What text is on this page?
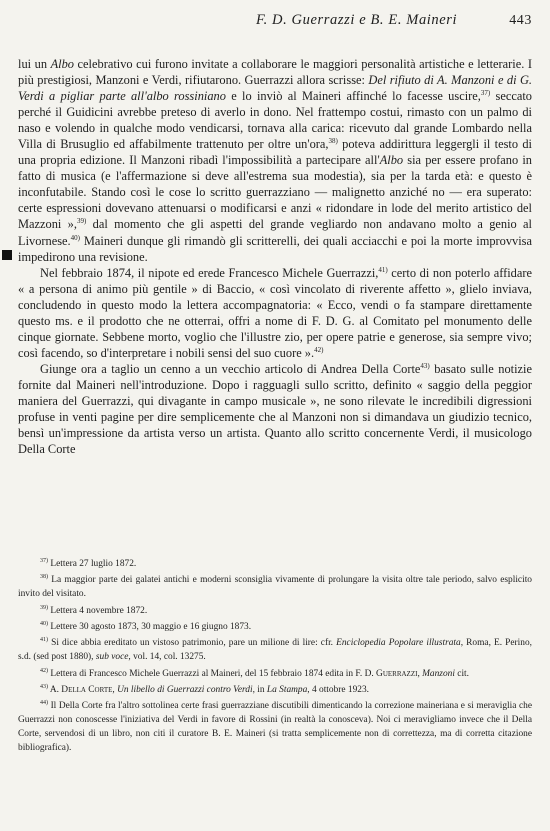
F. D. Guerrazzi e B. E. Maineri	443

lui un Albo celebrativo cui furono invitate a collaborare le maggiori personalità artistiche e letterarie. I più prestigiosi, Manzoni e Verdi, rifiutarono. Guerrazzi allora scrisse: Del rifiuto di A. Manzoni e di G. Verdi a pigliar parte all'albo rossiniano e lo inviò al Maineri affinché lo facesse uscire,$^{37)}$ seccato perché il Guidicini avrebbe preteso di averlo in dono. Nel frattempo costui, rimasto con un palmo di naso e volendo in qualche modo vendicarsi, tornava alla carica: ricevuto dal grande Lombardo nella Villa di Brusuglio ed affabilmente trattenuto per oltre un'ora,$^{38)}$ poteva addirittura leggergli il testo di una propria edizione. Il Manzoni ribadì l'impossibilità a partecipare all'Albo sia per essere profano in fatto di musica (e l'affermazione si deve all'estrema sua modestia), sia per la tarda età: e questo è inconfutabile. Stando così le cose lo scritto guerrazziano — malignetto anziché no — era superato: certe espressioni dovevano attenuarsi o modificarsi e anzi « ridondare in lode del merito artistico del Mazzoni »,$^{39)}$ dal momento che gli aspetti del grande vegliardo non andavano molto a genio al Livornese.$^{40)}$ Maineri dunque gli rimandò gli scritterelli, dei quali acciacchi e poi la morte improvvisa impedirono una revisione.

Nel febbraio 1874, il nipote ed erede Francesco Michele Guerrazzi,$^{41)}$ certo di non poterlo affidare « a persona di animo più gentile » di Baccio, « così vincolato di riverente affetto », glielo inviava, concludendo in questo modo la lettera accompagnatoria: « Ecco, vendi o fa stampare direttamente questo ms. e il prodotto che ne otterrai, offri a nome di F. D. G. al Comitato pel monumento delle cinque giornate. Sebbene morto, voglio che l'illustre zio, per opere patrie e generose, sia sempre vivo; così facendo, so d'interpretare i nobili sensi del suo cuore ».$^{42)}$

Giunge ora a taglio un cenno a un vecchio articolo di Andrea Della Corte$^{43)}$ basato sulle notizie fornite dal Maineri nell'introduzione. Dopo i ragguagli sullo scritto, definito « saggio della peggior maniera del Guerrazzi, qui divagante in campo musicale », ne sono rilevate le incredibili digressioni profuse in venti pagine per dire semplicemente che al Manzoni non si dimandava un giudizio tecnico, bensì un'impressione da artista verso un artista. Quanto allo scritto concernente Verdi, il musicologo Della Corte

$^{37)}$ Lettera 27 luglio 1872.

$^{38)}$ La maggior parte dei galatei antichi e moderni sconsiglia vivamente di prolungare la visita oltre tale periodo, salvo esplicito invito del visitato.

$^{39)}$ Lettera 4 novembre 1872.

$^{40)}$ Lettere 30 agosto 1873, 30 maggio e 16 giugno 1873.

$^{41)}$ Si dice abbia ereditato un vistoso patrimonio, pare un milione di lire: cfr. Enciclopedia Popolare illustrata, Roma, E. Perino, s.d. (sed post 1880), sub voce, vol. 14, col. 13275.

$^{42)}$ Lettera di Francesco Michele Guerrazzi al Maineri, del 15 febbraio 1874 edita in F. D. Guerrazzi, Manzoni cit.

$^{43)}$ A. Della Corte, Un libello di Guerrazzi contro Verdi, in La Stampa, 4 ottobre 1923.

$^{44)}$ Il Della Corte fra l'altro sottolinea certe frasi guerrazziane discutibili dimenticando la correzione maineriana e si meraviglia che Guerrazzi non conoscesse l'iniziativa del Verdi in favore di Rossini (in realtà la conosceva). Noi ci meravigliamo invece che il Della Corte, servendosi di un libro, non citi il curatore B. E. Maineri (si tratta semplicemente non di correttezza, ma di corretta citazione bibliografica).
